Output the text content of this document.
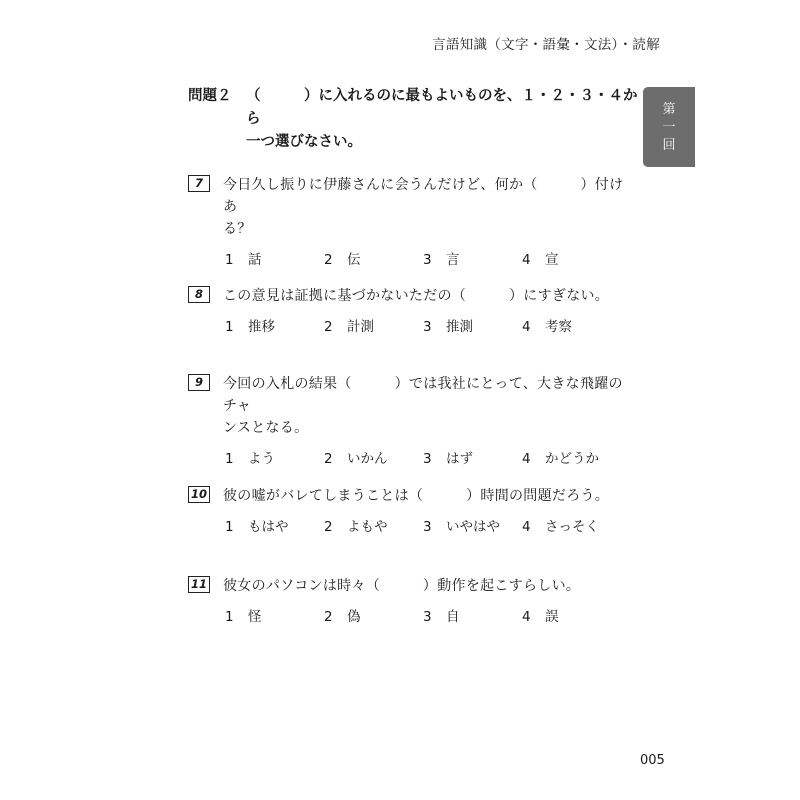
言語知識（文字・語彙・文法）・読解
第
一
回
問題２ （　　　）に入れるのに最もよいものを、１・２・３・４から
一つ選びなさい。
7	今日久し振りに伊藤さんに会うんだけど、何か（　　　）付けあ
る？
1 話	2 伝	3 言	4 宣
8	この意見は証拠に基づかないただの（　　　）にすぎない。
1 推移	2 計測	3 推測	4 考察
9	今回の入札の結果（　　　）では我社にとって、大きな飛躍のチャ
ンスとなる。
1 よう	2 いかん	3 はず	4 かどうか
10 彼の嘘がバレてしまうことは（　　　）時間の問題だろう。
1 もはや	2 よもや	3 いやはや	4 さっそく
11 彼女のパソコンは時々（　　　）動作を起こすらしい。
1 怪	2 偽	3 自	4 誤
005
